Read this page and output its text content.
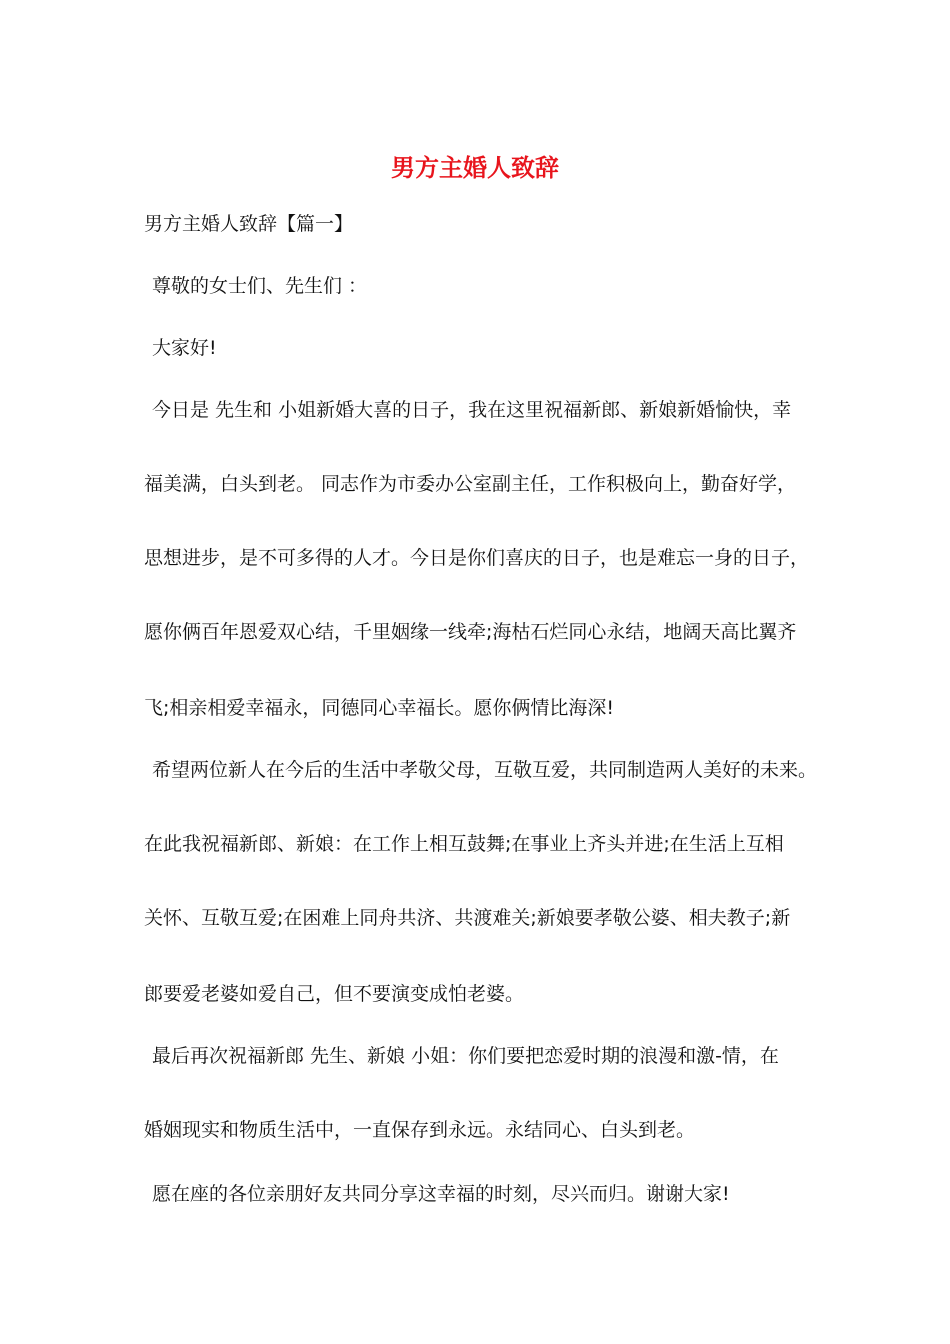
男方主婚人致辞
男方主婚人致辞【篇一】
尊敬的女士们、先生们 ：
大家好!
今日是 先生和 小姐新婚大喜的日子，我在这里祝福新郎、新娘新婚愉快，幸
福美满，白头到老。 同志作为市委办公室副主任，工作积极向上，勤奋好学，
思想进步，是不可多得的人才。今日是你们喜庆的日子，也是难忘一身的日子，
愿你俩百年恩爱双心结，千里姻缘一线牵;海枯石烂同心永结，地阔天高比翼齐
飞;相亲相爱幸福永，同德同心幸福长。愿你俩情比海深!
希望两位新人在今后的生活中孝敬父母，互敬互爱，共同制造两人美好的未来。
在此我祝福新郎、新娘：在工作上相互鼓舞;在事业上齐头并进;在生活上互相
关怀、互敬互爱;在困难上同舟共济、共渡难关;新娘要孝敬公婆、相夫教子;新
郎要爱老婆如爱自己，但不要演变成怕老婆。
最后再次祝福新郎 先生、新娘 小姐：你们要把恋爱时期的浪漫和激-情，在
婚姻现实和物质生活中，一直保存到永远。永结同心、白头到老。
愿在座的各位亲朋好友共同分享这幸福的时刻，尽兴而归。谢谢大家!
